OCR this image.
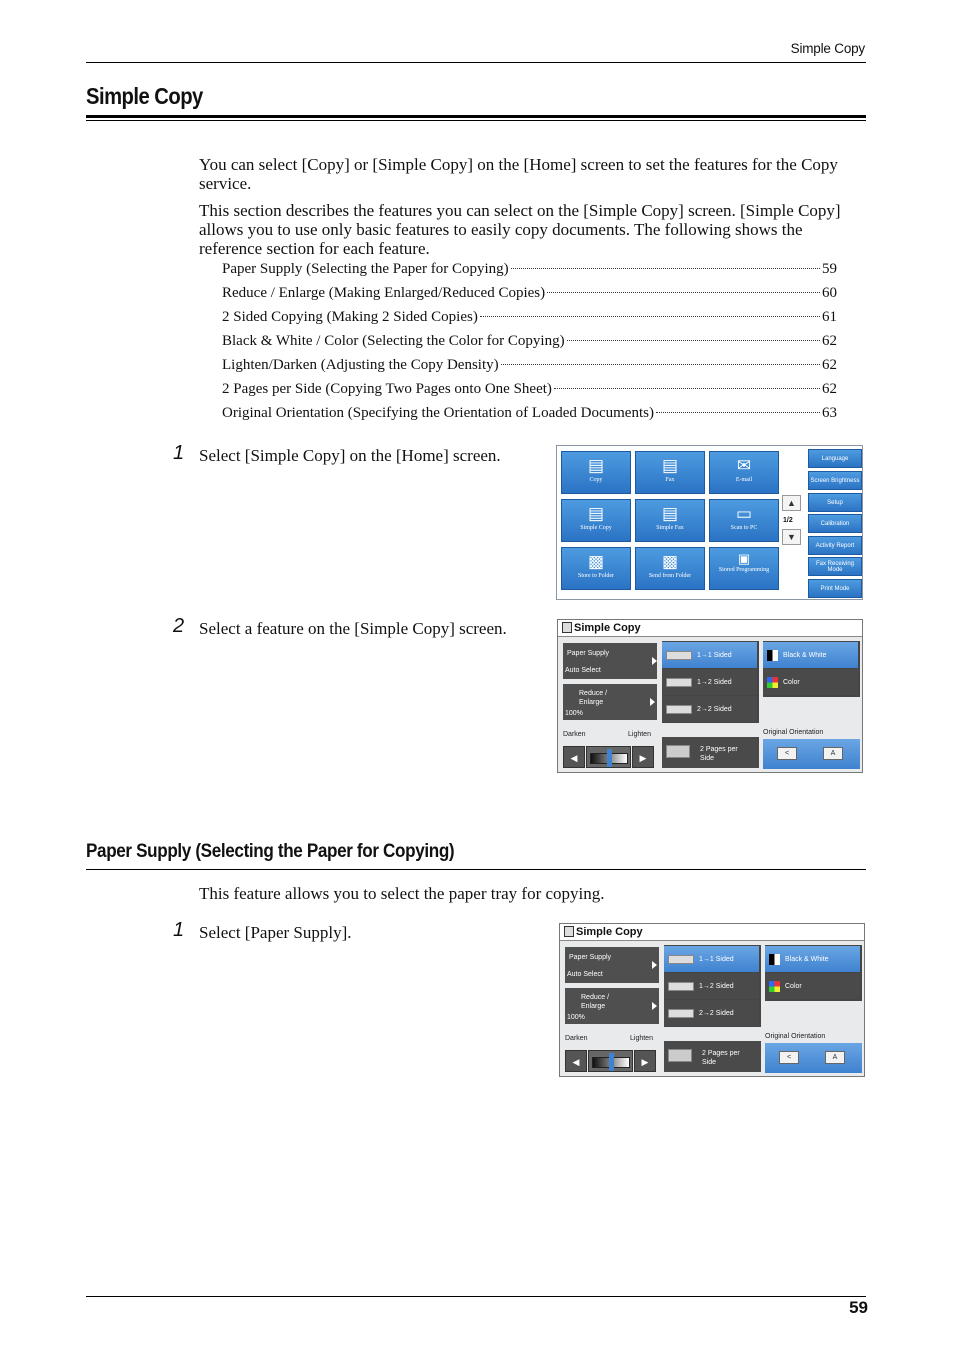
Simple Copy
Simple Copy

You can select [Copy] or [Simple Copy] on the [Home] screen to set the features for the Copy service.

This section describes the features you can select on the [Simple Copy] screen. [Simple Copy] allows you to use only basic features to easily copy documents. The following shows the reference section for each feature.

Paper Supply (Selecting the Paper for Copying)	59
Reduce / Enlarge (Making Enlarged/Reduced Copies)	60
2 Sided Copying (Making 2 Sided Copies)	61
Black & White / Color (Selecting the Color for Copying)	62
Lighten/Darken (Adjusting the Copy Density)	62
2 Pages per Side (Copying Two Pages onto One Sheet)	62
Original Orientation (Specifying the Orientation of Loaded Documents)	63
1 Select [Simple Copy] on the [Home] screen.
▤
Copy
▤
Fax
✉
E-mail
▤
Simple Copy
▤
Simple Fax
▭
Scan to PC
▩
Store to Folder
▩
Send from Folder
▣
Stored Programming
▲
1/2
▼
Language
Screen Brightness
Setup
Calibration
Activity Report
Fax Receiving Mode
Print Mode
2 Select a feature on the [Simple Copy] screen.	Simple Copy
Paper Supply
Auto Select
Reduce / Enlarge
100%
Darken	Lighten
◀	▶
1→1 Sided
1→2 Sided
2→2 Sided
Black & White
Color
2 Pages per Side
Original Orientation
<	A
Paper Supply (Selecting the Paper for Copying)

This feature allows you to select the paper tray for copying.

1 Select [Paper Supply].	Simple Copy
Paper Supply
Auto Select
Reduce / Enlarge
100%
Darken	Lighten
◀	▶
1→1 Sided
1→2 Sided
2→2 Sided
Black & White
Color
2 Pages per Side
Original Orientation
<	A
59
